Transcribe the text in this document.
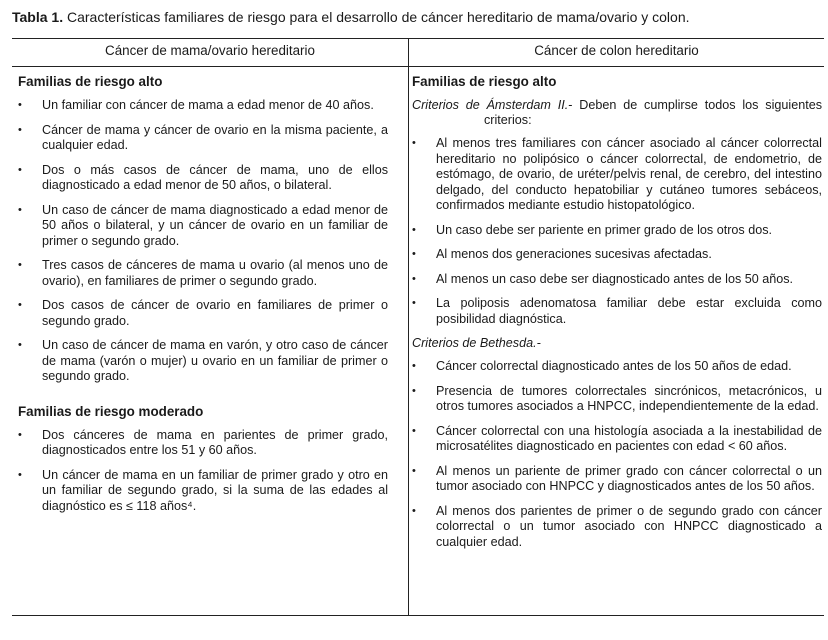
Tabla 1. Características familiares de riesgo para el desarrollo de cáncer hereditario de mama/ovario y colon.
Cáncer de mama/ovario hereditario	Cáncer de colon hereditario
Familias de riesgo alto
• Un familiar con cáncer de mama a edad menor de 40 años.
• Cáncer de mama y cáncer de ovario en la misma paciente, a cualquier edad.
• Dos o más casos de cáncer de mama, uno de ellos diagnosticado a edad menor de 50 años, o bilateral.
• Un caso de cáncer de mama diagnosticado a edad menor de 50 años o bilateral, y un cáncer de ovario en un familiar de primer o segundo grado.
• Tres casos de cánceres de mama u ovario (al menos uno de ovario), en familiares de primer o segundo grado.
• Dos casos de cáncer de ovario en familiares de primer o segundo grado.
• Un caso de cáncer de mama en varón, y otro caso de cáncer de mama (varón o mujer) u ovario en un familiar de primer o segundo grado.
Familias de riesgo moderado
• Dos cánceres de mama en parientes de primer grado, diagnosticados entre los 51 y 60 años.
• Un cáncer de mama en un familiar de primer grado y otro en un familiar de segundo grado, si la suma de las edades al diagnóstico es ≤ 118 años⁴.
Familias de riesgo alto
Criterios de Ámsterdam II.- Deben de cumplirse todos los siguientes criterios:
• Al menos tres familiares con cáncer asociado al cáncer colorrectal hereditario no polipósico o cáncer colorrectal, de endometrio, de estómago, de ovario, de uréter/pelvis renal, de cerebro, del intestino delgado, del conducto hepatobiliar y cutáneo tumores sebáceos, confirmados mediante estudio histopatológico.
• Un caso debe ser pariente en primer grado de los otros dos.
• Al menos dos generaciones sucesivas afectadas.
• Al menos un caso debe ser diagnosticado antes de los 50 años.
• La poliposis adenomatosa familiar debe estar excluida como posibilidad diagnóstica.
Criterios de Bethesda.-
• Cáncer colorrectal diagnosticado antes de los 50 años de edad.
• Presencia de tumores colorrectales sincrónicos, metacrónicos, u otros tumores asociados a HNPCC, independientemente de la edad.
• Cáncer colorrectal con una histología asociada a la inestabilidad de microsatélites diagnosticado en pacientes con edad < 60 años.
• Al menos un pariente de primer grado con cáncer colorrectal o un tumor asociado con HNPCC y diagnosticados antes de los 50 años.
• Al menos dos parientes de primer o de segundo grado con cáncer colorrectal o un tumor asociado con HNPCC diagnosticado a cualquier edad.
